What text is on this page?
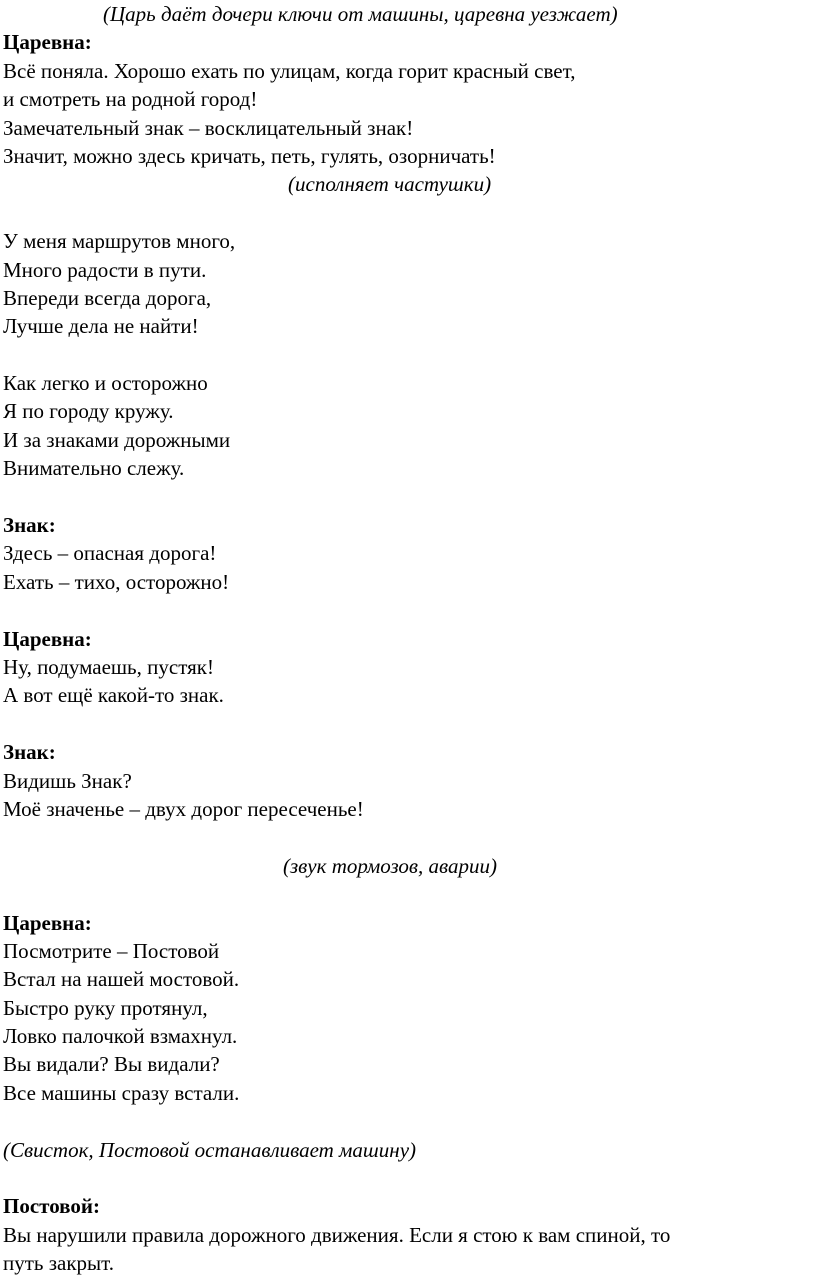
(Царь даёт дочери ключи от машины, царевна уезжает)
Царевна:
Всё поняла. Хорошо ехать по улицам, когда горит красный свет,
и смотреть на родной город!
Замечательный знак – восклицательный знак!
Значит, можно здесь кричать, петь, гулять, озорничать!
(исполняет частушки)
У меня маршрутов много,
Много радости в пути.
Впереди всегда дорога,
Лучше дела не найти!
Как легко и осторожно
Я по городу кружу.
И за знаками дорожными
Внимательно слежу.
Знак:
Здесь – опасная дорога!
Ехать – тихо, осторожно!
Царевна:
Ну, подумаешь, пустяк!
А вот ещё какой-то знак.
Знак:
Видишь Знак?
Моё значенье – двух дорог пересеченье!
(звук тормозов, аварии)
Царевна:
Посмотрите – Постовой
Встал на нашей мостовой.
Быстро руку протянул,
Ловко палочкой взмахнул.
Вы видали? Вы видали?
Все машины сразу встали.
(Свисток, Постовой останавливает машину)
Постовой:
Вы нарушили правила дорожного движения. Если я стою к вам спиной, то
путь закрыт.
